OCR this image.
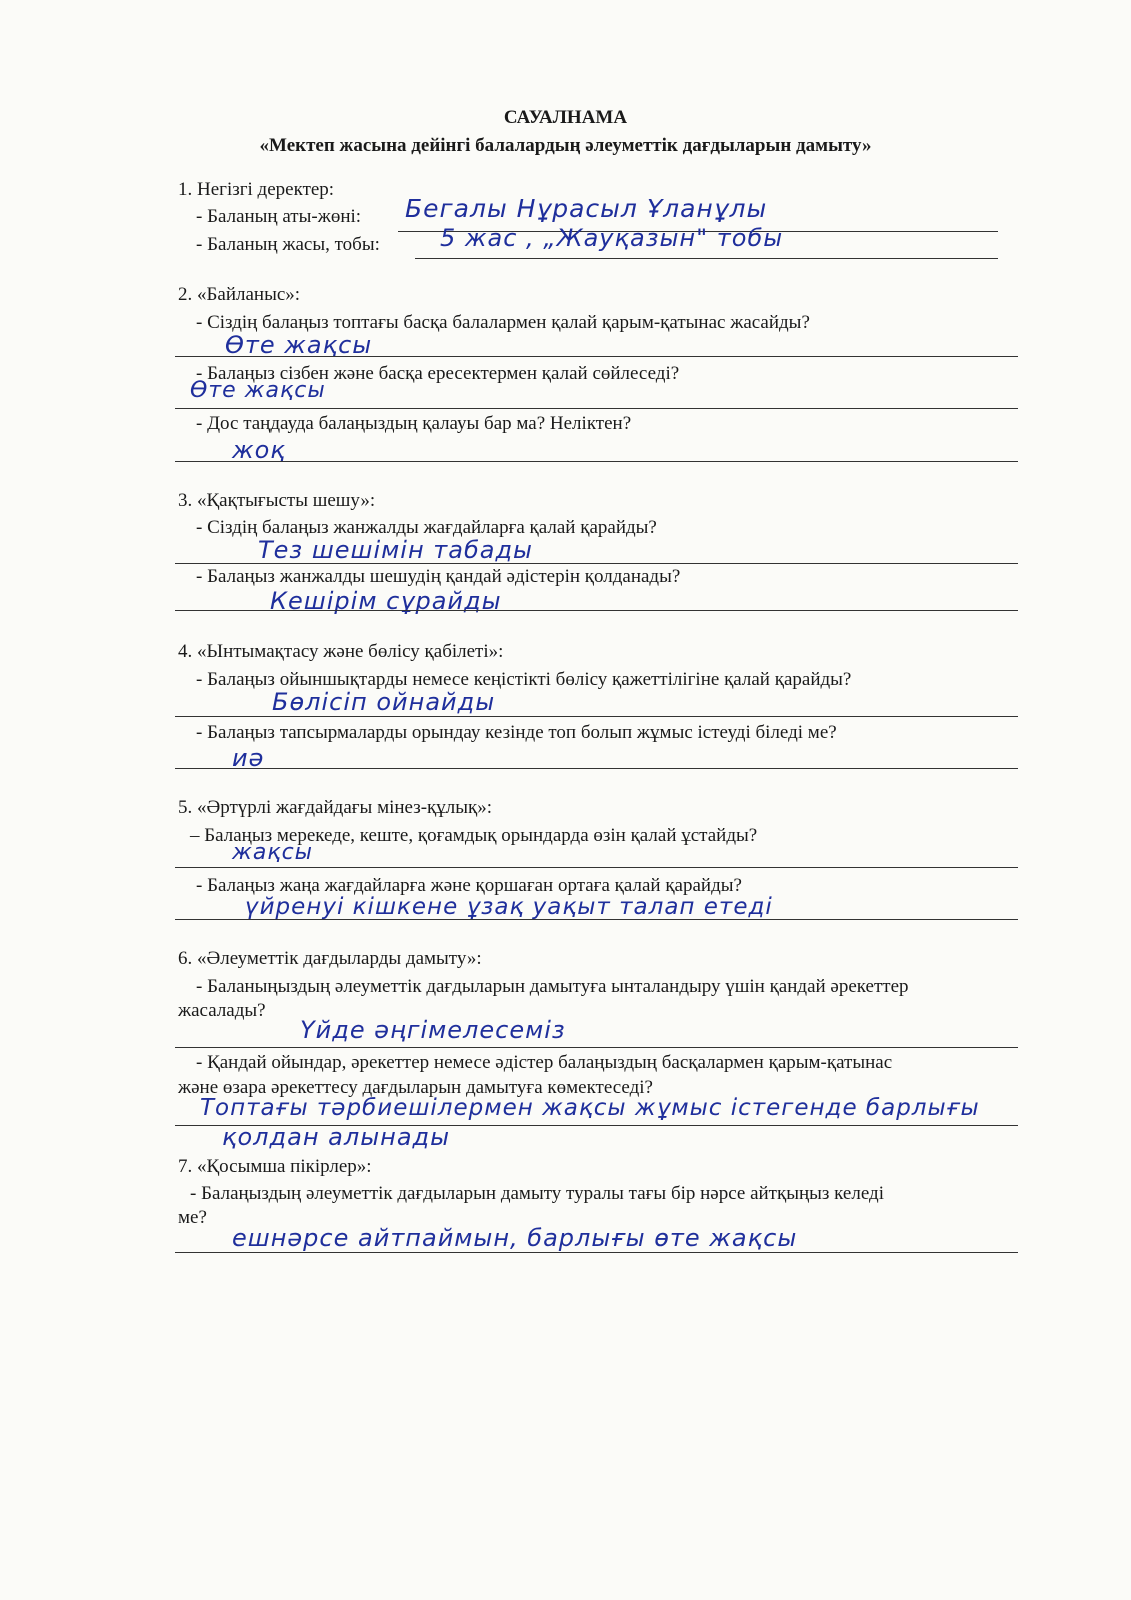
САУАЛНАМА
«Мектеп жасына дейінгі балалардың әлеуметтік дағдыларын дамыту»
1. Негізгі деректер:
- Баланың аты-жөні: Бегалы Нұрасыл Ұланұлы
- Баланың жасы, тобы:	5 жас , „Жауқазын" тобы
2. «Байланыс»:
- Сіздің балаңыз топтағы басқа балалармен қалай қарым-қатынас жасайды?
Өте жақсы
- Балаңыз сізбен және басқа ересектермен қалай сөйлеседі?
Өте жақсы
- Дос таңдауда балаңыздың қалауы бар ма? Неліктен?
жоқ
3. «Қақтығысты шешу»:
- Сіздің балаңыз жанжалды жағдайларға қалай қарайды?
Тез шешімін табады
- Балаңыз жанжалды шешудің қандай әдістерін қолданады?
Кешірім сұрайды
4. «Ынтымақтасу және бөлісу қабілеті»:
- Балаңыз ойыншықтарды немесе кеңістікті бөлісу қажеттілігіне қалай қарайды?
Бөлісіп ойнайды
- Балаңыз тапсырмаларды орындау кезінде топ болып жұмыс істеуді біледі ме?
иә
5. «Әртүрлі жағдайдағы мінез-құлық»:
– Балаңыз мерекеде, кеште, қоғамдық орындарда өзін қалай ұстайды?
жақсы
- Балаңыз жаңа жағдайларға және қоршаған ортаға қалай қарайды?
үйренуі кішкене ұзақ уақыт талап етеді
6. «Әлеуметтік дағдыларды дамыту»:
- Баланыңыздың әлеуметтік дағдыларын дамытуға ынталандыру үшін қандай әрекеттер
жасалады?
Үйде әңгімелесеміз
- Қандай ойындар, әрекеттер немесе әдістер балаңыздың басқалармен қарым-қатынас
және өзара әрекеттесу дағдыларын дамытуға көмектеседі?
Топтағы тәрбиешілермен жақсы жұмыс істегенде барлығы
қолдан алынады
7. «Қосымша пікірлер»:
- Балаңыздың әлеуметтік дағдыларын дамыту туралы тағы бір нәрсе айтқыңыз келеді
ме?
ешнәрсе айтпаймын, барлығы өте жақсы
